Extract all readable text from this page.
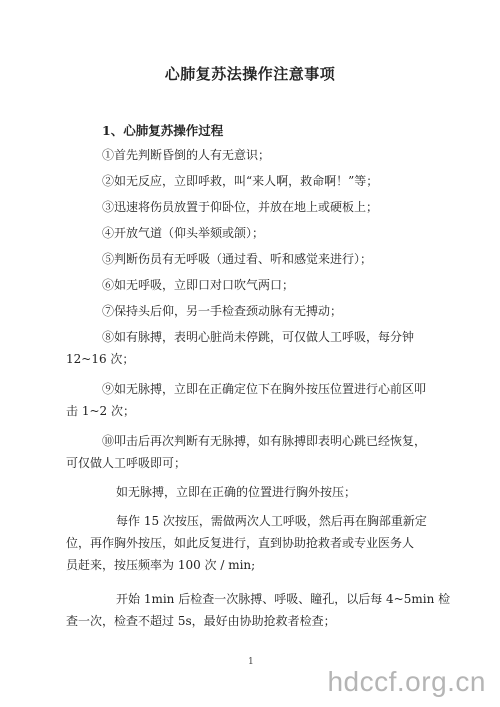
心肺复苏法操作注意事项
1、心肺复苏操作过程
①首先判断昏倒的人有无意识；
②如无反应，立即呼救，叫“来人啊，救命啊！”等；
③迅速将伤员放置于仰卧位，并放在地上或硬板上；
④开放气道（仰头举颏或颌）；
⑤判断伤员有无呼吸（通过看、听和感觉来进行）；
⑥如无呼吸，立即口对口吹气两口；
⑦保持头后仰，另一手检查颈动脉有无搏动；
⑧如有脉搏，表明心脏尚未停跳，可仅做人工呼吸，每分钟
12~16 次；
⑨如无脉搏，立即在正确定位下在胸外按压位置进行心前区叩
击 1~2 次；
⑩叩击后再次判断有无脉搏，如有脉搏即表明心跳已经恢复，
可仅做人工呼吸即可；
如无脉搏，立即在正确的位置进行胸外按压；
每作 15 次按压，需做两次人工呼吸，然后再在胸部重新定
位，再作胸外按压，如此反复进行，直到协助抢救者或专业医务人
员赶来，按压频率为 100 次 / min;
开始 1min 后检查一次脉搏、呼吸、瞳孔，以后每 4~5min 检
查一次，检查不超过 5s，最好由协助抢救者检查；
1
hdccf.org.cn
